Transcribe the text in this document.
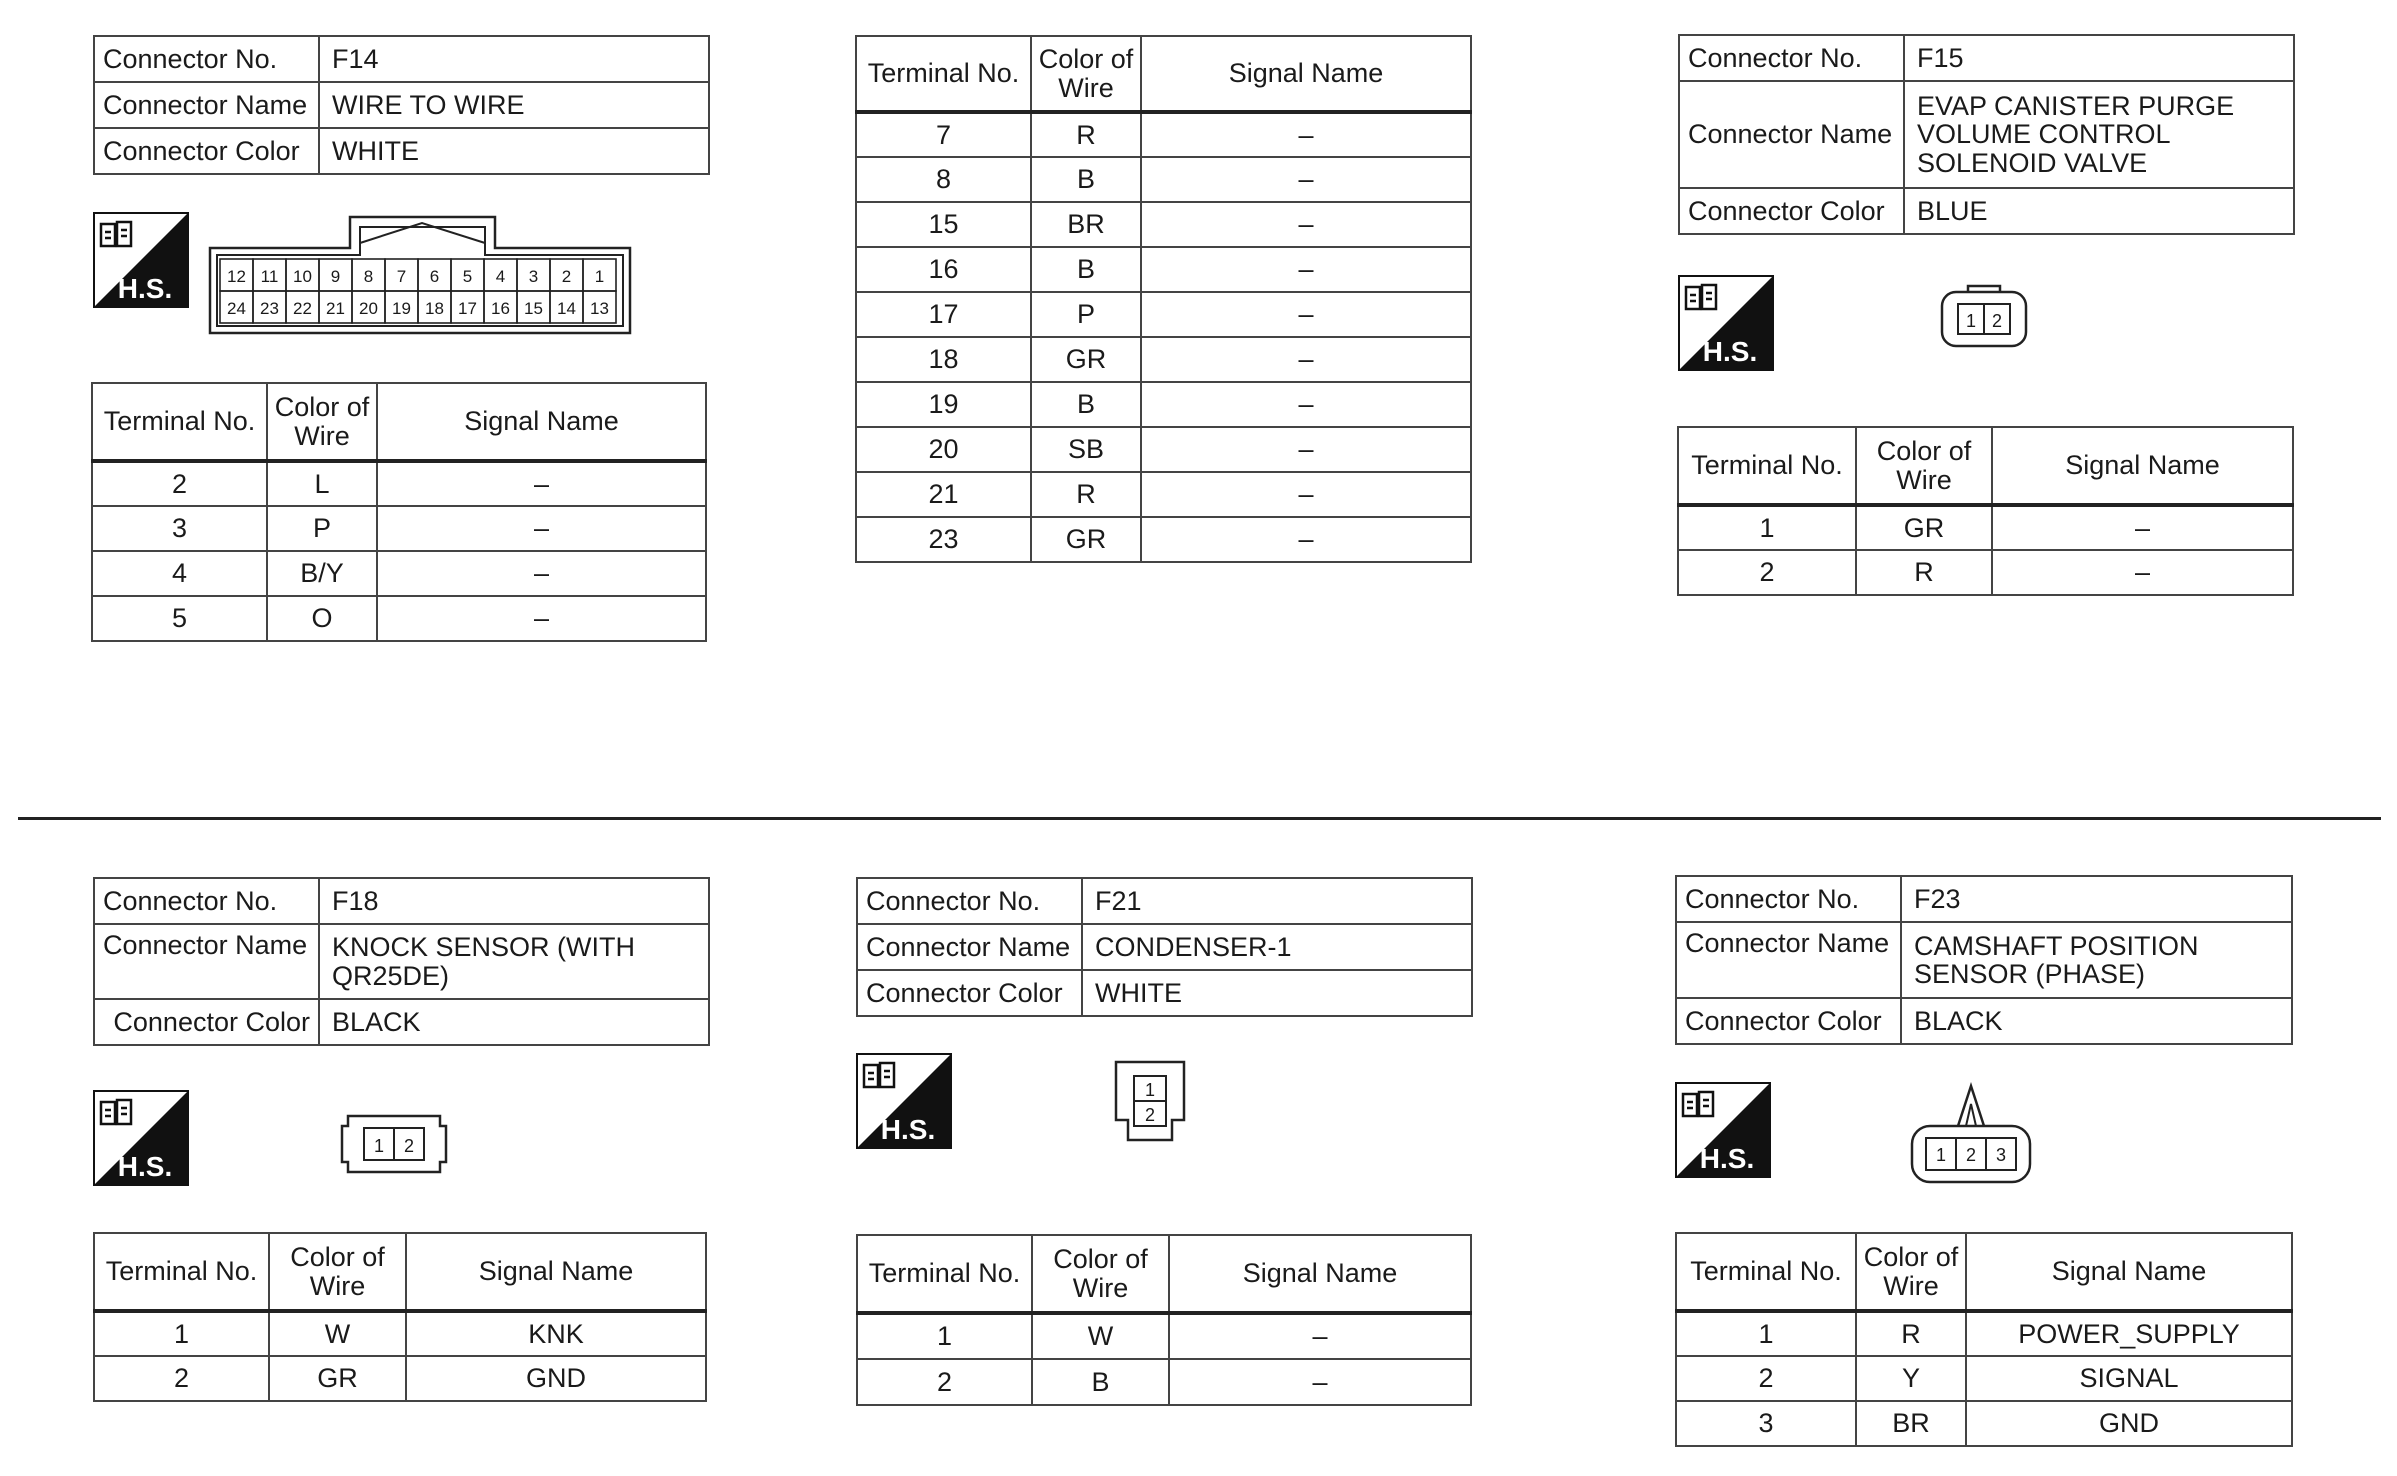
Connector No.	F14
Connector Name	WIRE TO WIRE
Connector Color	WHITE
H.S.	12 11 10 9 8 7 6 5 4 3 2 1
24 23 22 21 20 19 18 17 16 15 14 13
Terminal No.	Color of Wire	Signal Name
2	L	–
3	P	–
4	B/Y	–
5	O	–
Terminal No.	Color of Wire	Signal Name
7	R	–
8	B	–
15	BR	–
16	B	–
17	P	–
18	GR	–
19	B	–
20	SB	–
21	R	–
23	GR	–
Connector No.	F15
Connector Name	EVAP CANISTER PURGE VOLUME CONTROL SOLENOID VALVE
Connector Color	BLUE
H.S.
1 2
Terminal No.	Color of Wire	Signal Name
1	GR	–
2	R	–
Connector No.	F18
Connector Name	KNOCK SENSOR (WITH QR25DE)
Connector Color	BLACK
H.S.
1 2
Terminal No.	Color of Wire	Signal Name
1	W	KNK
2	GR	GND
Connector No.	F21
Connector Name	CONDENSER-1
Connector Color	WHITE
H.S.
1
2
Terminal No.	Color of Wire	Signal Name
1	W	–
2	B	–
Connector No.	F23
Connector Name	CAMSHAFT POSITION SENSOR (PHASE)
Connector Color	BLACK
H.S.	1 2 3
Terminal No.	Color of Wire	Signal Name
1	R	POWER_SUPPLY
2	Y	SIGNAL
3	BR	GND
